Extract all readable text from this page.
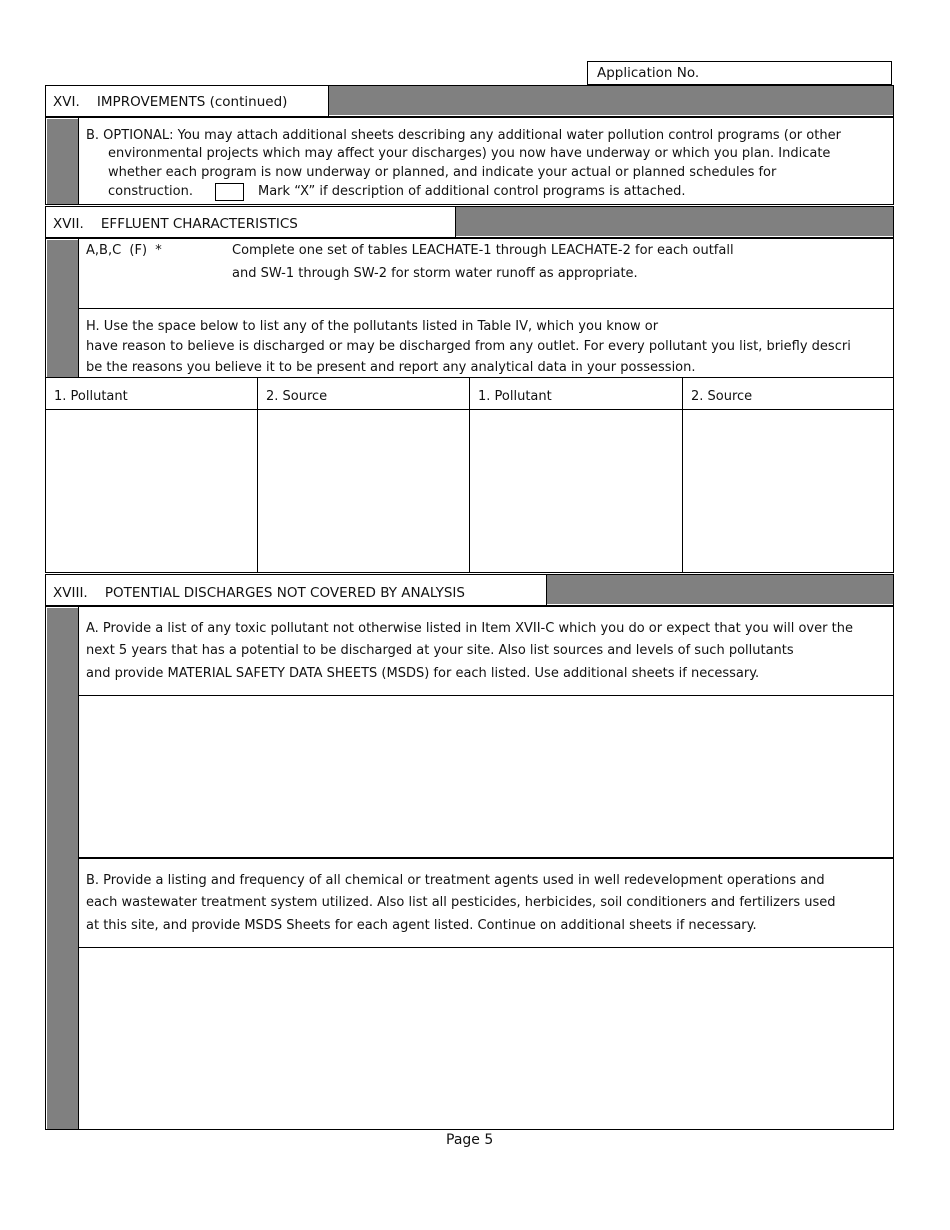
Application No.
XVI.    IMPROVEMENTS (continued)
B. OPTIONAL: You may attach additional sheets describing any additional water pollution control programs (or other
environmental projects which may affect your discharges) you now have underway or which you plan. Indicate
whether each program is now underway or planned, and indicate your actual or planned schedules for
construction.	Mark “X” if description of additional control programs is attached.
XVII.    EFFLUENT CHARACTERISTICS
A,B,C  (F)  *	Complete one set of tables LEACHATE-1 through LEACHATE-2 for each outfall
and SW-1 through SW-2 for storm water runoff as appropriate.
H. Use the space below to list any of the pollutants listed in Table IV, which you know or
have reason to believe is discharged or may be discharged from any outlet. For every pollutant you list, briefly descri
be the reasons you believe it to be present and report any analytical data in your possession.
1. Pollutant	2. Source	1. Pollutant	2. Source
XVIII.    POTENTIAL DISCHARGES NOT COVERED BY ANALYSIS
A. Provide a list of any toxic pollutant not otherwise listed in Item XVII-C which you do or expect that you will over the
next 5 years that has a potential to be discharged at your site. Also list sources and levels of such pollutants
and provide MATERIAL SAFETY DATA SHEETS (MSDS) for each listed. Use additional sheets if necessary.
B. Provide a listing and frequency of all chemical or treatment agents used in well redevelopment operations and
each wastewater treatment system utilized. Also list all pesticides, herbicides, soil conditioners and fertilizers used
at this site, and provide MSDS Sheets for each agent listed. Continue on additional sheets if necessary.
Page 5
